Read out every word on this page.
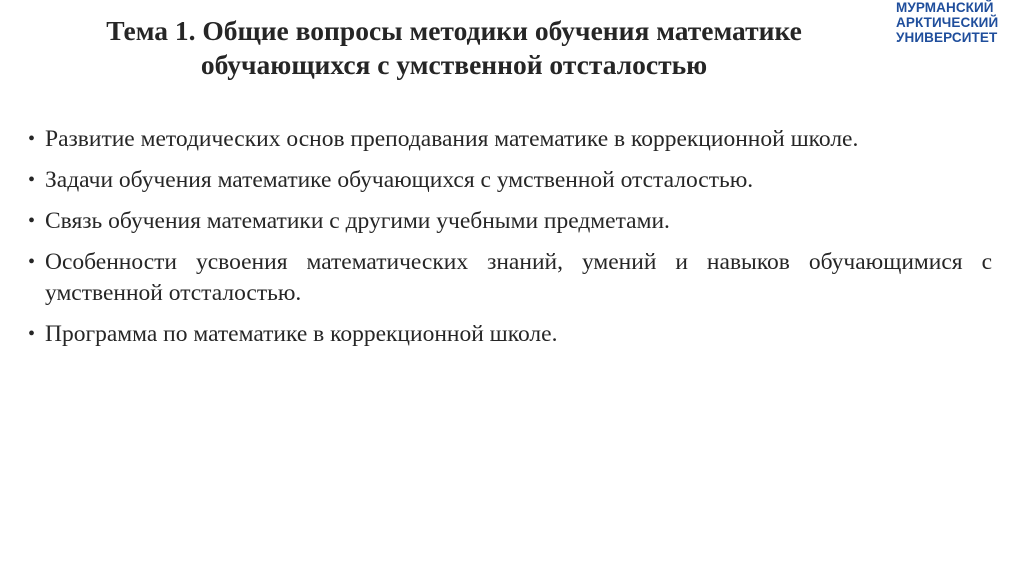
МУРМАНСКИЙ
АРКТИЧЕСКИЙ
УНИВЕРСИТЕТ
Тема 1. Общие вопросы методики обучения математике
обучающихся с умственной отсталостью
• Развитие методических основ преподавания математике в коррекционной школе.
• Задачи обучения математике обучающихся с умственной отсталостью.
• Связь обучения математики с другими учебными предметами.
• Особенности усвоения математических знаний, умений и навыков обучающимися с умственной отсталостью.
• Программа по математике в коррекционной школе.
